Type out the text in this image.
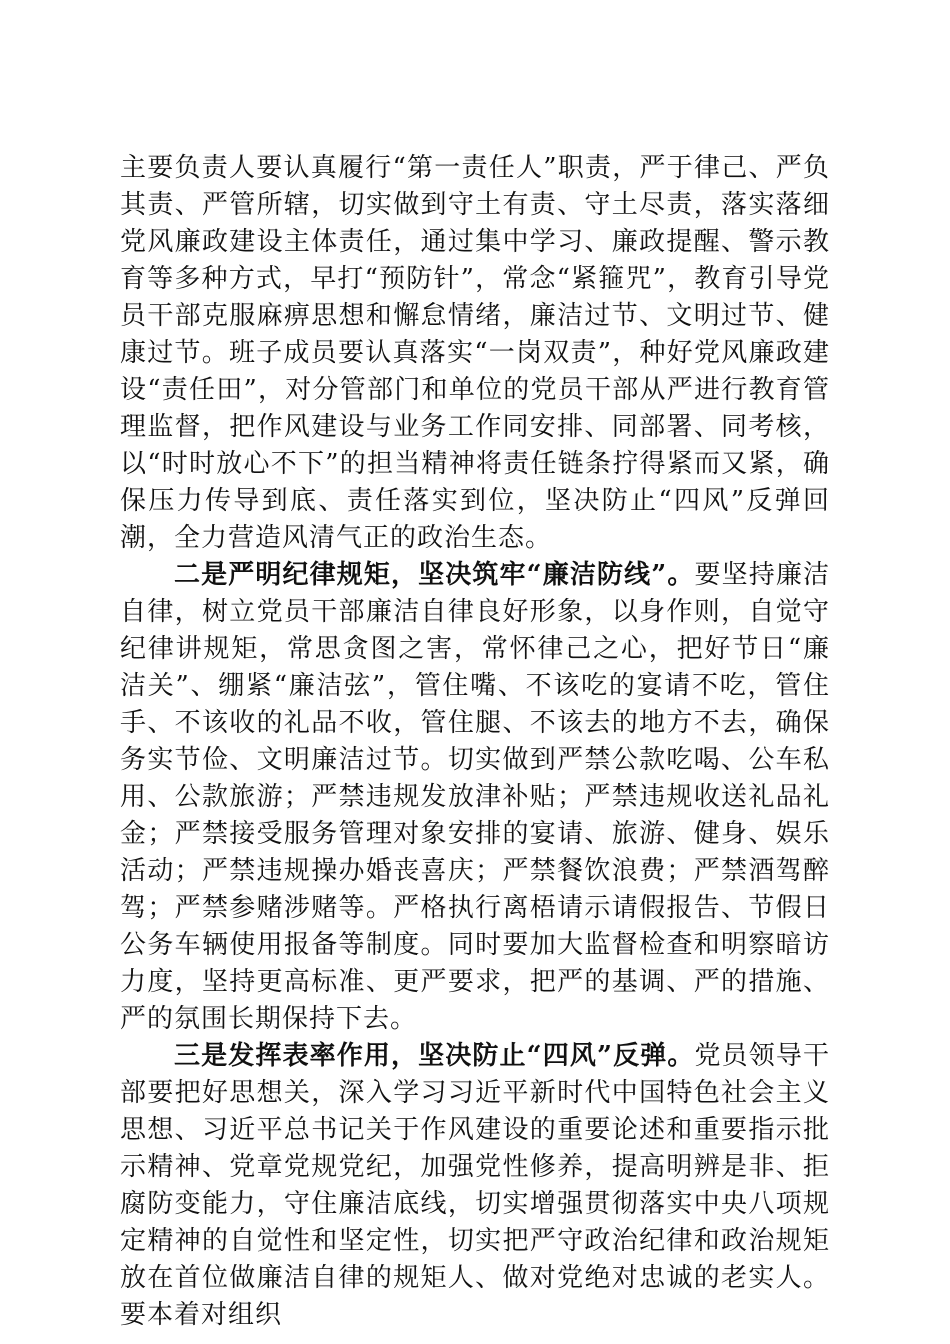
主要负责人要认真履行“第一责任人”职责，严于律己、严负其责、严管所辖，切实做到守土有责、守土尽责，落实落细党风廉政建设主体责任，通过集中学习、廉政提醒、警示教育等多种方式，早打“预防针”，常念“紧箍咒”，教育引导党员干部克服麻痹思想和懈怠情绪，廉洁过节、文明过节、健康过节。班子成员要认真落实“一岗双责”，种好党风廉政建设“责任田”，对分管部门和单位的党员干部从严进行教育管理监督，把作风建设与业务工作同安排、同部署、同考核，以“时时放心不下”的担当精神将责任链条拧得紧而又紧，确保压力传导到底、责任落实到位，坚决防止“四风”反弹回潮，全力营造风清气正的政治生态。

二是严明纪律规矩，坚决筑牢“廉洁防线”。要坚持廉洁自律，树立党员干部廉洁自律良好形象，以身作则，自觉守纪律讲规矩，常思贪图之害，常怀律己之心，把好节日“廉洁关”、绷紧“廉洁弦”，管住嘴、不该吃的宴请不吃，管住手、不该收的礼品不收，管住腿、不该去的地方不去，确保务实节俭、文明廉洁过节。切实做到严禁公款吃喝、公车私用、公款旅游；严禁违规发放津补贴；严禁违规收送礼品礼金；严禁接受服务管理对象安排的宴请、旅游、健身、娱乐活动；严禁违规操办婚丧喜庆；严禁餐饮浪费；严禁酒驾醉驾；严禁参赌涉赌等。严格执行离梧请示请假报告、节假日公务车辆使用报备等制度。同时要加大监督检查和明察暗访力度，坚持更高标准、更严要求，把严的基调、严的措施、严的氛围长期保持下去。

三是发挥表率作用，坚决防止“四风”反弹。党员领导干部要把好思想关，深入学习习近平新时代中国特色社会主义思想、习近平总书记关于作风建设的重要论述和重要指示批示精神、党章党规党纪，加强党性修养，提高明辨是非、拒腐防变能力，守住廉洁底线，切实增强贯彻落实中央八项规定精神的自觉性和坚定性，切实把严守政治纪律和政治规矩放在首位做廉洁自律的规矩人、做对党绝对忠诚的老实人。要本着对组织
